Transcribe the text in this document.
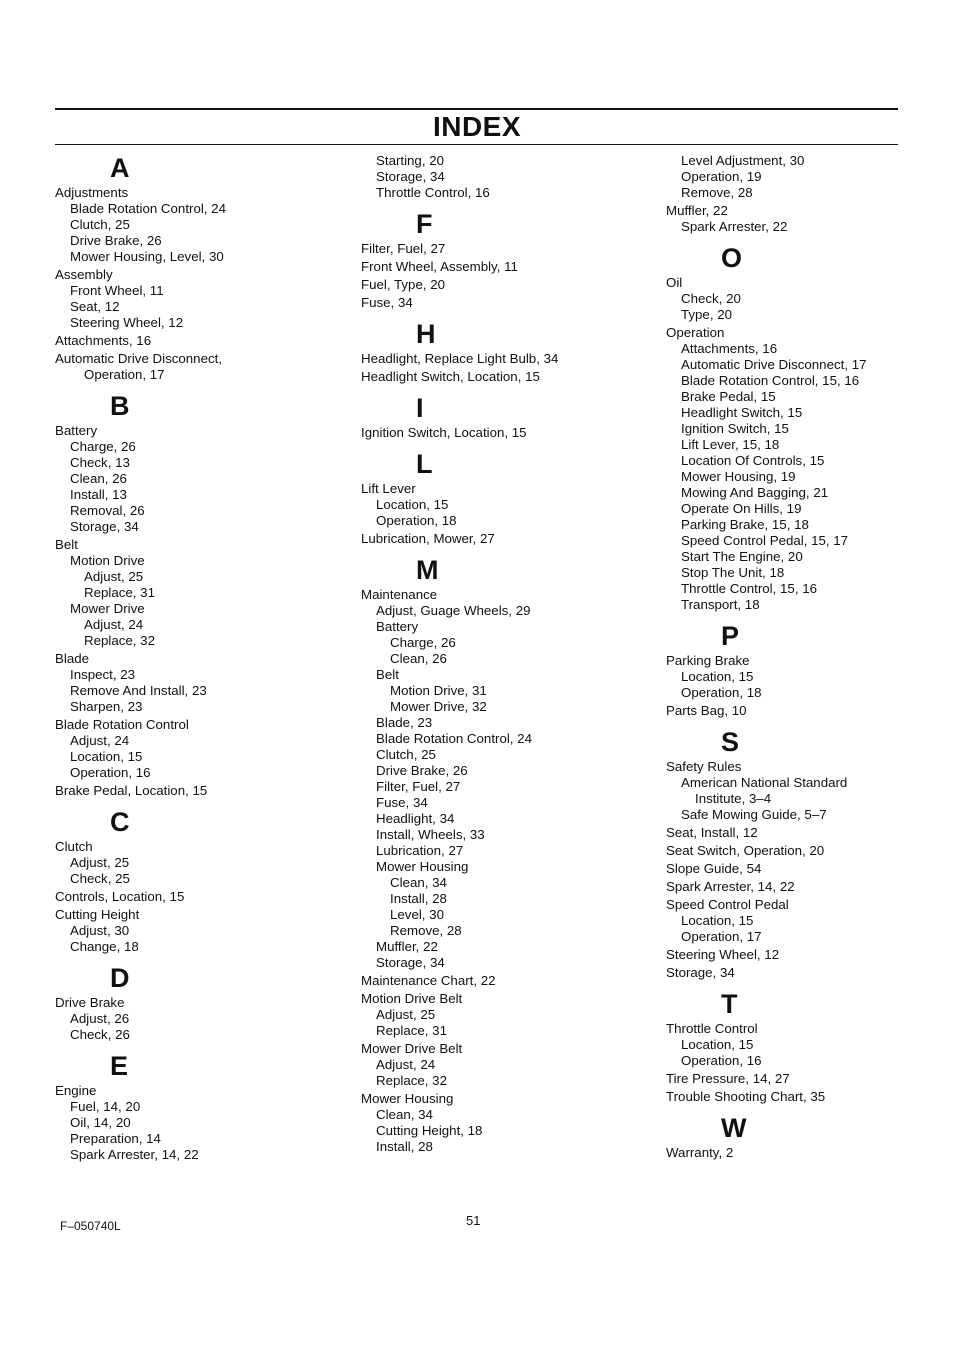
INDEX
A
Adjustments
Blade Rotation Control, 24
Clutch, 25
Drive Brake, 26
Mower Housing, Level, 30
Assembly
Front Wheel, 11
Seat, 12
Steering Wheel, 12
Attachments, 16
Automatic Drive Disconnect,
Operation, 17
B
Battery
Charge, 26
Check, 13
Clean, 26
Install, 13
Removal, 26
Storage, 34
Belt
Motion Drive
Adjust, 25
Replace, 31
Mower Drive
Adjust, 24
Replace, 32
Blade
Inspect, 23
Remove And Install, 23
Sharpen, 23
Blade Rotation Control
Adjust, 24
Location, 15
Operation, 16
Brake Pedal, Location, 15
C
Clutch
Adjust, 25
Check, 25
Controls, Location, 15
Cutting Height
Adjust, 30
Change, 18
D
Drive Brake
Adjust, 26
Check, 26
E
Engine
Fuel, 14, 20
Oil, 14, 20
Preparation, 14
Spark Arrester, 14, 22
Starting, 20
Storage, 34
Throttle Control, 16
F
Filter, Fuel, 27
Front Wheel, Assembly, 11
Fuel, Type, 20
Fuse, 34
H
Headlight, Replace Light Bulb, 34
Headlight Switch, Location, 15
I
Ignition Switch, Location, 15
L
Lift Lever
Location, 15
Operation, 18
Lubrication, Mower, 27
M
Maintenance
Adjust, Guage Wheels, 29
Battery
Charge, 26
Clean, 26
Belt
Motion Drive, 31
Mower Drive, 32
Blade, 23
Blade Rotation Control, 24
Clutch, 25
Drive Brake, 26
Filter, Fuel, 27
Fuse, 34
Headlight, 34
Install, Wheels, 33
Lubrication, 27
Mower Housing
Clean, 34
Install, 28
Level, 30
Remove, 28
Muffler, 22
Storage, 34
Maintenance Chart, 22
Motion Drive Belt
Adjust, 25
Replace, 31
Mower Drive Belt
Adjust, 24
Replace, 32
Mower Housing
Clean, 34
Cutting Height, 18
Install, 28
Level Adjustment, 30
Operation, 19
Remove, 28
Muffler, 22
Spark Arrester, 22
O
Oil
Check, 20
Type, 20
Operation
Attachments, 16
Automatic Drive Disconnect, 17
Blade Rotation Control, 15, 16
Brake Pedal, 15
Headlight Switch, 15
Ignition Switch, 15
Lift Lever, 15, 18
Location Of Controls, 15
Mower Housing, 19
Mowing And Bagging, 21
Operate On Hills, 19
Parking Brake, 15, 18
Speed Control Pedal, 15, 17
Start The Engine, 20
Stop The Unit, 18
Throttle Control, 15, 16
Transport, 18
P
Parking Brake
Location, 15
Operation, 18
Parts Bag, 10
S
Safety Rules
American National Standard
Institute, 3–4
Safe Mowing Guide, 5–7
Seat, Install, 12
Seat Switch, Operation, 20
Slope Guide, 54
Spark Arrester, 14, 22
Speed Control Pedal
Location, 15
Operation, 17
Steering Wheel, 12
Storage, 34
T
Throttle Control
Location, 15
Operation, 16
Tire Pressure, 14, 27
Trouble Shooting Chart, 35
W
Warranty, 2
F–050740L	51
